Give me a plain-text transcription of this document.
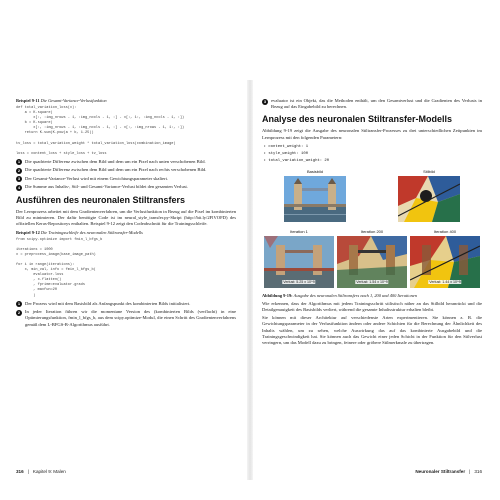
Beispiel 9-11 Die Gesamt-Variance-Verlustfunktion
def total_variation_loss(x):
a = K.square(
x[:, :img_nrows - 1, :img_ncols - 1, :] - x[:, 1:, :img_ncols - 1, :])
b = K.square(
x[:, :img_nrows - 1, :img_ncols - 1, :] - x[:, :img_nrows - 1, 1:, :])
return K.sum(K.pow(a + b, 1.25))

tv_loss = total_variation_weight * total_variation_loss(combination_image)

loss = content_loss + style_loss + tv_loss
1	Die quadrierte Differenz zwischen dem Bild und dem um ein Pixel nach unten verschobenen Bild.
2	Die quadrierte Differenz zwischen dem Bild und dem um ein Pixel nach rechts verschobenen Bild.
3	Der Gesamt-Variance-Verlust wird mit einem Gewichtungsparameter skaliert.
4	Die Summe aus Inhalts-, Stil- und Gesamt-Variance-Verlust bildet den gesamten Verlust.
Ausführen des neuronalen Stiltransfers
Der Lernprozess arbeitet mit dem Gradientenverfahren, um die Verlustfunktion in Bezug auf die Pixel im kombinierten Bild zu minimieren. Der dafür benötigte Code ist im neural_style_transfer.py-Skript (http://bit.ly/2FlVOFD) des offiziellen Keras-Repositorys enthalten. Beispiel 9-12 zeigt den Codeabschnitt für die Trainingsschleife.
Beispiel 9-12 Die Trainingsschleife des neuronalen Stiltransfer-Modells
from scipy.optimize import fmin_l_bfgs_b

iterations = 1000
x = preprocess_image(base_image_path)

for i in range(iterations):
x, min_val, info = fmin_l_bfgs_b(
evaluator.loss
, x.flatten()
, fprime=evaluator.grads
, maxfun=20
)
1	Der Prozess wird mit dem Basisbild als Anfangspunkt des kombinierten Bilds initialisiert.
2	In jeder Iteration führen wir die momentane Version des (kombinierten Bilds (verflacht) in eine Optimierungsfunktion, fmin_l_bfgs_b, aus dem scipy.optimize-Modul, die einen Schritt des Gradientenverfahrens gemäß dem L-BFGS-B-Algorithmus ausführt.
3	evaluator ist ein Objekt, das die Methoden enthält, um den Gesamtverlust und die Gradienten des Verlusts in Bezug auf das Eingabebild zu berechnen.
Analyse des neuronalen Stiltransfer-Modells
Abbildung 9-19 zeigt die Ausgabe des neuronalen Stiltransfer-Prozesses zu drei unterschiedlichen Zeitpunkten im Lernprozess mit den folgenden Parametern:
• content_weight: 1
• style_weight: 100
• total_variation_weight: 20
Basisbild	Stilbild
Iteration 1
Verlust: 5.25 x 10^9
Iteration 200
Verlust: 1.54 x 10^9
Iteration 400
Verlust: 1.44 x 10^9
Abbildung 9-19: Ausgabe des neuronalen Stiltransfers nach 1, 200 und 400 Iterationen
Wie erkennen, dass der Algorithmus mit jedem Trainingsschritt stilistisch näher an das Stilbild heranrückt und die Detailgenauigkeit des Basisbilds verliert, während die gesamte Inhaltsstruktur erhalten bleibt.
Sie können mit dieser Architektur auf verschiedenste Arten experimentieren. Sie können z. B. die Gewichtungsparameter in der Verlustfunktion ändern oder andere Schichten für die Berechnung der Ähnlichkeit des Inhalts wählen, um zu sehen, welche Auswirkung das auf das kombinierte Ausgabebild und die Trainingsgeschwindigkeit hat. Sie können auch das Gewicht einer jeden Schicht in der Funktion für den Stilverlust verringern, um das Modell dazu zu bringen, feinere oder gröbere Stilmerkmale zu übertragen.
316 | Kapitel 9: Malen	Neuronaler Stiltransfer | 316
